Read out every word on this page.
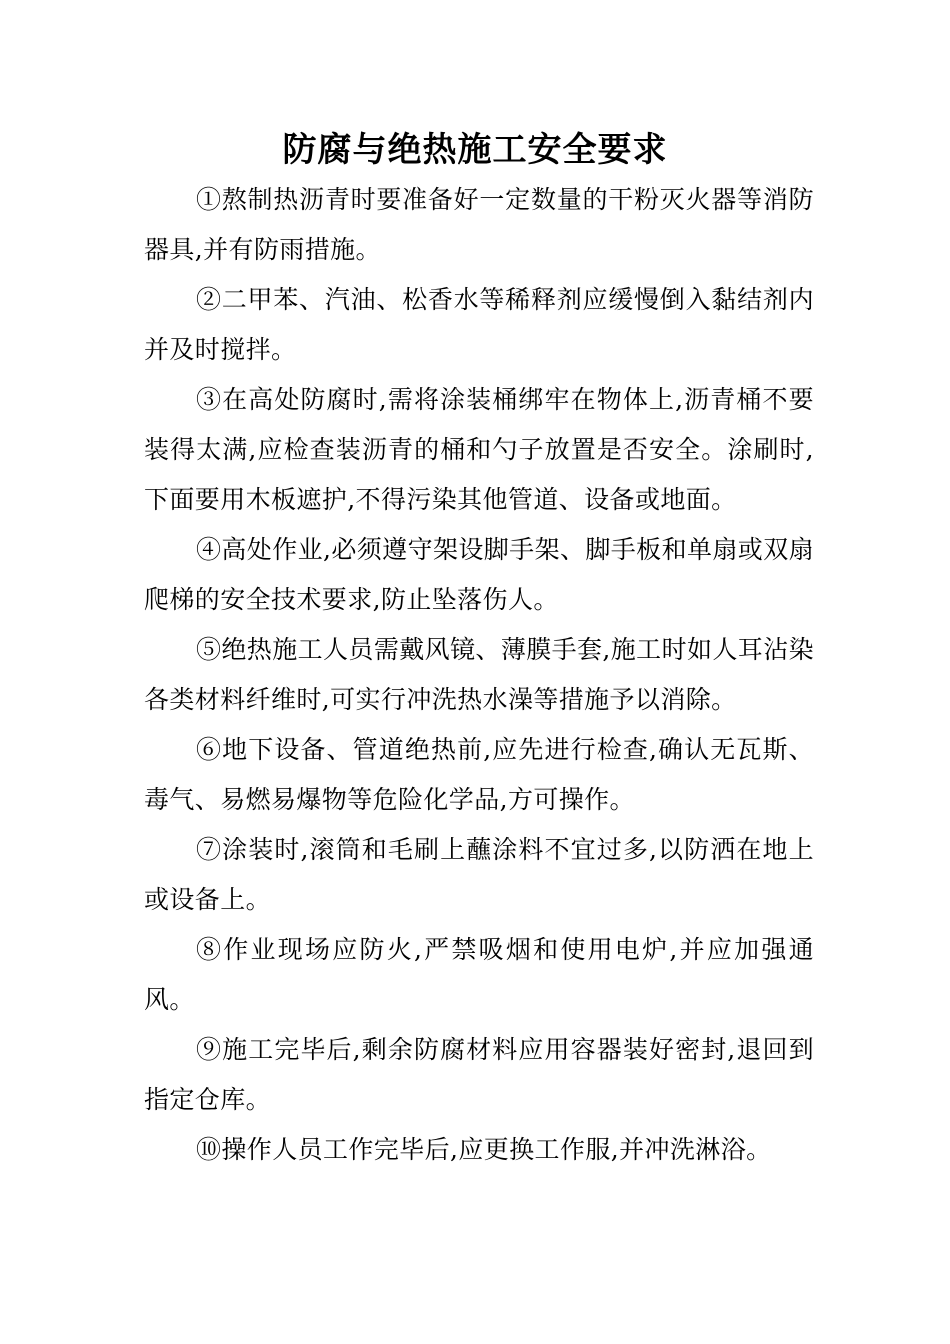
防腐与绝热施工安全要求

①熬制热沥青时要准备好一定数量的干粉灭火器等消防器具,并有防雨措施。

②二甲苯、汽油、松香水等稀释剂应缓慢倒入黏结剂内并及时搅拌。

③在高处防腐时,需将涂装桶绑牢在物体上,沥青桶不要装得太满,应检查装沥青的桶和勺子放置是否安全。涂刷时,下面要用木板遮护,不得污染其他管道、设备或地面。

④高处作业,必须遵守架设脚手架、脚手板和单扇或双扇爬梯的安全技术要求,防止坠落伤人。

⑤绝热施工人员需戴风镜、薄膜手套,施工时如人耳沾染各类材料纤维时,可实行冲洗热水澡等措施予以消除。

⑥地下设备、管道绝热前,应先进行检查,确认无瓦斯、毒气、易燃易爆物等危险化学品,方可操作。

⑦涂装时,滚筒和毛刷上蘸涂料不宜过多,以防洒在地上或设备上。

⑧作业现场应防火,严禁吸烟和使用电炉,并应加强通风。

⑨施工完毕后,剩余防腐材料应用容器装好密封,退回到指定仓库。

⑩操作人员工作完毕后,应更换工作服,并冲洗淋浴。
